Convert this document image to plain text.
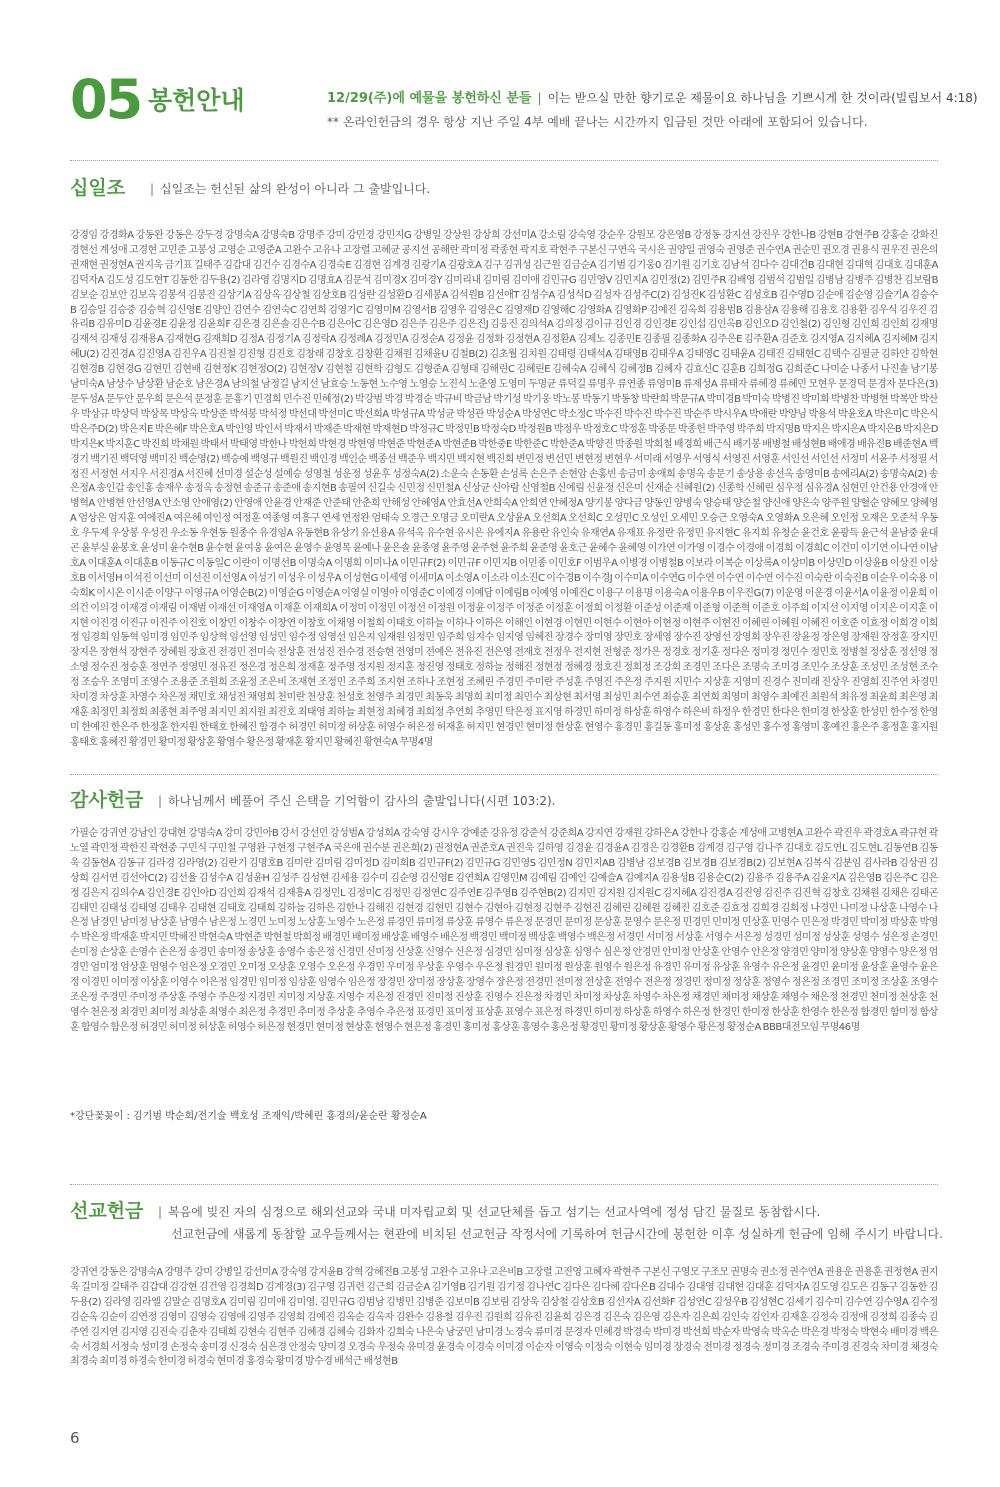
05 봉헌안내	12/29(주)에 예물을 봉헌하신 분들 | 이는 받으실 만한 향기로운 제물이요 하나님을 기쁘시게 한 것이라(빌립보서 4:18)
** 온라인헌금의 경우 항상 지난 주일 4부 예배 끝나는 시간까지 입금된 것만 아래에 포함되어 있습니다.
십일조 | 십일조는 헌신된 삶의 완성이 아니라 그 출발입니다.
강경임 강경화A 강동완 강동은 강두경 강명숙A 강명숙B 강명주 강미 강민경 강민지G 강병일 강상원 강상희 강선미A 강소림 강숙영 강순우 강원모 강은영B 강정동 강지선 강진우 강한나B 강현B 강현주B 강홍순 강화진 경현선 계성애 고경현 고민준 고봉성 고영순 고영준A 고완수 고유나 고장렬 고혜균 공지선 공해란 곽미정 곽종현 곽지호 곽현주 구본신 구연옥 국시은 권양일 권영숙 권영준 권수연A 권순민 권오경 권용식 권우진 권은의 권재현 권정현A 권지욱 금기표 길태주 김갑대 김건수 김경수A 김경숙E 김경현 김계경 김광기A 김광호A 김구 김귀성 김근원 김금순A 김기범 김기웅0 김기원 김기호 김남석 김다수 김대건B 김대현 김대혁 김대호 김대훈A 김덕자A 김도성 김도현T 김동한 김두용(2) 김라영 김명지D 김명효A 김문석 김미경X 김미경Y 김미리내 김미림 김미애 김민규G 김민영V 김민지A 김민정(2) 김민주R 김배영 김범석 김범일 김병남 김병주 김병찬 김보람B 김보순 김보안 김보옥 김봉석 김봉진 김상기A 김상옥 김상철 김상호B 김성란 김성환D 김세봉A 김석원B 김선애T 김성수A 김성식D 김성자 김성주C(2) 김성진K 김성환C 김성호B 김수영D 김순애 김순영 김슬기A 김승수B 김승일 김승중 김승혁 김신영E 김양인 김연수 김연숙C 김연희 김영기C 김영미M 김영서B 김영우 김영은C 김영재D 김영해C 김영화A 김영화P 김예진 김옥희 김용범B 김용삼A 김용해 김용호 김용환 김우식 김우진 김유리B 김유미D 김윤경E 김윤정 김윤희F 김은경 김은솔 김은수B 김은아C 김은영D 김은주 김은주 김은진J 김응진 김의석A 김의정 김이규 김인경 김인경E 김인섭 김인옥B 김인오D 김인철(2) 김인형 김인희 김인희 김재명 김재석 김재성 김재용A 김재현G 김재희D 김정A 김정기A 김정락A 김정례A 김정민A 김정순A 김정윤 김정화 김정현A 김정환A 김제노 김종민E 김종필 김종화A 김주은E 김주환A 김준호 김지영A 김지혜A 김지혜M 김지혜U(2) 김진경A 김진영A 김진우A 김진철 김진형 김진호 김창래 김창호 김창환 김채원 김채윤U 김철B(2) 김초월 김치원 김태령 김태석A 김태영B 김태우A 김태영C 김태윤A 김태진 김태현C 김택수 김필균 김하얀 김학현 김현경B 김현경G 김현민 김현배 김현정K 김현정O(2) 김현정V 김현철 김현학 김형도 김형준A 김형태 김해린C 김혜린E 김혜숙A 김혜식 김혜정B 김혜자 김효신C 김훈B 김희정G 김희준C 나미순 나종서 나진솔 남기봉 남미숙A 남상수 남상환 남순호 남은경A 남의철 남정길 남지선 남효승 노동현 노수영 노영승 노진식 노춘영 도영미 두명균 류덕길 류명우 류연종 류영미B 류제성A 류태자 류혜경 류혜민 모현우 문경덕 문경자 문다은(3) 문두성A 문두안 문우희 문은석 문정훈 문홍기 민경희 민수진 민혜정(2) 박강범 박경 박경순 박규비 박금남 박기성 박기웅 박노봉 박동기 박동창 박란희 박문규A 박미경B 박미숙 박병진 박미희 박병찬 박병현 박복만 박산우 박상규 박상덕 박상목 박상옥 박상준 박석봉 박석정 박선대 박선미C 박선희A 박성규A 박성균 박성관 박성순A 박성연C 박소정C 박수진 박수진 박수진 박순주 박시우A 박애란 박양님 박용석 박윤호A 박은미C 박은식 박은주D(2) 박은지E 박은혜F 박은호A 박인영 박인서 박재서 박재준 박재현 박재현D 박정규C 박정민B 박정숙D 박정원B 박정우 박정호C 박정훈 박종문 박종헌 박주영 박주희 박지명B 박지은 박지은A 박지은B 박지은D 박지은K 박지훈C 박진희 박채원 박태서 박태영 박한나 박헌희 박현경 박현영 박현준 박현준A 박현준B 박한중E 박한준C 박한준A 박향진 박종원 박희철 배경희 배근식 배기봉 배병철 배성현B 배애경 배유진B 배준현A 백경기 백기진 백덕영 백미진 백순영(2) 백승예 백영규 백원진 백인경 백인순 백종선 백준우 백지민 백지현 백진희 변민정 변선민 변현정 변현우 서미래 서영우 서영식 서영진 서영훈 서인선 서인선 서정미 서윤주 서정필 서정진 서정현 서지우 서진경A 서진혜 선미경 설순성 설예승 성영철 성운정 성윤후 성정숙A(2) 소운숙 손동환 손성록 손은주 손현암 손홍빈 송금미 송애희 송명옥 송문기 송상용 송선옥 송영미B 송에리A(2) 송명숙A(2) 송은정A 송인갑 송인홍 송재우 송정옥 송정현 송준규 송준애 송지현B 송필여 신길숙 신민정 신민철A 신상균 신아람 신영철B 신예림 신윤정 신은미 신재순 신혜원(2) 신종학 신혜린 심우정 심유경A 심현민 안건용 안경애 안병혁A 안병현 안선영A 안소영 안애영(2) 안영애 안윤경 안재준 안준태 안춘희 안해성 안혜영A 안효선A 안희숙A 안희연 안혜정A 양기봉 양다금 양동인 양병숙 양승태 양순철 양신애 양은숙 양주원 양혈순 양혜모 양혜영A 엄상은 엄지훈 여에진A 여은혜 여인정 여정훈 여종영 여흥구 연세 연정완 엄태숙 오경근 오명금 오미란A 오상윤A 오선희A 오선희C 오성민C 오성인 오세민 오승근 오영숙A 오영화A 오은혜 오인정 오재은 오준석 우동호 우두제 우상봉 우성진 우소동 우현동 원종수 유경임A 유동현B 유상기 유선용A 유석옥 유수현 유시은 유에지A 유용란 유인숙 유재연A 유재표 유정란 유정민 유지현C 유지희 유청순 윤건호 윤광득 윤근석 윤남중 윤대곤 윤부실 윤봉호 윤성미 윤수현B 윤수현 윤여웅 윤여은 윤영수 윤영목 윤예나 윤은솔 윤종영 윤주영 윤주현 윤주희 윤준영 윤호근 윤혜수 윤혜영 이가연 이가영 이경수 이경애 이경희 이경희C 이건미 이기연 이나연 이남호A 이대훈A 이대훈B 이동규C 이동일C 이란이 이명선B 이명숙A 이명희 이미나A 이민규F(2) 이민규F 이민지B 이민종 이민호F 이범우A 이병경 이병철B 이보라 이복순 이상록A 이상미B 이상민D 이상윤B 이상진 이상호B 이서영H 이석진 이선미 이선진 이선영A 이성기 이성우 이성우A 이성현G 이세영 이세미A 이소영A 이소라 이소진C 이수경B 이수경J 이수미A 이수연G 이수연 이수연 이수연 이수진 이숙란 이숙진B 이순우 이숙용 이숙희K 이시온 이시준 이양구 이영규A 이영순B(2) 이영순G 이영순A 이영실 이영아 이영준C 이예경 이예담 이예림B 이예영 이예진C 이용구 이용명 이용숙A 이용우B 이우진G(7) 이운영 이운경 이윤서A 이윤정 이윤희 이의건 이의경 이재경 이재림 이재범 이재선 이재영A 이재훈 이재희A 이정미 이정민 이정선 이정원 이정윤 이정주 이정준 이정훈 이정희 이정환 이준성 이준재 이준형 이준혁 이준호 이주희 이지선 이지영 이지은 이지훈 이지현 이진경 이진규 이진주 이진호 이창민 이창수 이창연 이창호 이채영 이철희 이태호 이하늘 이하나 이하은 이해인 이현경 이현민 이현수 이현아 이현정 이현주 이현진 이혜린 이혜원 이혜진 이호준 이효정 이희경 이희정 임경희 임동혁 임미경 임민주 임상혁 임선영 임성민 임수정 임영선 임은지 임재원 임정민 임주희 임지수 임지영 임혜진 장경수 장미영 장민호 장세영 장수진 장영선 장영희 장우진 장윤정 장은영 장재원 장정훈 장지민 장지은 장현석 장현주 장혜원 장효진 전경민 전미숙 전상훈 전성진 전수경 전승현 전영미 전예은 전유진 전은영 전재호 전정우 전지현 전형준 정가은 정경호 정기훈 정다은 정미경 정민수 정민호 정병철 정상훈 정선영 정소영 정수진 정승훈 정연주 정영민 정유진 정은경 정은희 정재훈 정주영 정지원 정지훈 정진영 정태호 정하늘 정해진 정현정 정혜경 정호진 정희정 조강희 조경민 조다은 조명숙 조미경 조민수 조상훈 조성민 조성현 조수정 조승우 조영미 조영수 조용준 조원희 조윤정 조은비 조재현 조정민 조주희 조지현 조하나 조현정 조혜린 주경민 주미란 주성훈 주영진 주은정 주지원 지민수 지상훈 지영미 진경수 진미래 진상우 진영희 진주연 차경민 차미경 차상훈 차영수 차은정 채민호 채성진 채영희 천미란 천상훈 천성호 천영주 최경민 최동욱 최명희 최미정 최민수 최상현 최서영 최성민 최수연 최승훈 최연희 최영미 최영수 최예진 최원석 최유정 최윤희 최은영 최재훈 최정민 최정희 최종현 최주영 최지민 최지원 최진호 최태영 최하늘 최현정 최혜경 최희정 추연희 추영민 탁은정 표지영 하경민 하미정 하상훈 하영수 하은비 하정우 한경민 한다은 한미경 한상훈 한성민 한수정 한영미 한예진 한은주 한정훈 한지원 한태호 한혜진 함경수 허경민 허미정 허상훈 허영수 허은정 허재훈 허지민 현경민 현미정 현상훈 현영수 홍경민 홍길동 홍미정 홍상훈 홍성민 홍수정 홍영미 홍예진 홍은주 홍정훈 홍지원 홍태호 홍혜진 황경민 황미정 황상훈 황영수 황은정 황재훈 황지민 황혜진 황현숙A 무명4명
감사헌금 | 하나님께서 베풀어 주신 은택을 기억함이 감사의 출발입니다(시편 103:2).
가필순 강귀연 강남인 강대현 강명숙A 강미 강민아B 강서 강선민 강성범A 강성희A 강숙영 강시우 강예준 강유정 강준석 강준희A 강지연 강재원 강하은A 강한나 강홍순 계성애 고병현A 고완수 곽진우 곽경호A 곽규현 곽노열 곽민정 곽한진 곽현중 구민식 구민철 구영완 구현정 구현주A 국은애 권수분 권은희(2) 권정현A 권준호A 권진욱 길하영 김경윤 김경윤A 김경은 김경환B 김계경 김구영 김나주 김대호 김도연L 김도현L 김동연B 김동욱 김동현A 김동규 김라경 김라영(2) 김란기 김명호B 김미란 김미림 김미정D 김미희B 김민규F(2) 김민규G 김민영S 김민정N 김민지AB 김병남 김보경B 김보경B 김보경B(2) 김보현A 김복식 김분임 김사라B 김상권 김상희 김서연 김선아C(2) 김선율 김성수A 김성윤H 김성주 김성현 김세용 김수미 김순영 김신영E 김연희A 김영민M 김예림 김예인 김예슬A 김예지A 김용성B 김용순C(2) 김용주 김용주A 김윤지A 김은영B 김은주C 김은정 김은지 김의수A 김인경E 김인아D 김인희 김재석 김재흥A 김정민L 김정미C 김정민 김정연C 김주연E 김주영B 김주현B(2) 김지민 김지원 김지원C 김지혜A 김진경A 김진영 김진주 김진혁 김창호 김채원 김채은 김태곤 김태민 김태성 김태영 김태우 김태현 김태호 김태희 김하늘 김하은 김한나 김해진 김현경 김현민 김현수 김현아 김현정 김현주 김현진 김혜린 김혜원 김혜진 김호준 김효정 김희경 김희정 나경민 나미정 나상훈 나영수 나은정 남경민 남미정 남상훈 남영수 남은정 노경민 노미정 노상훈 노영수 노은정 류경민 류미정 류상훈 류영수 류은정 문경민 문미정 문상훈 문영수 문은정 민경민 민미정 민상훈 민영수 민은정 박경민 박미정 박상훈 박영수 박은정 박재훈 박지민 박혜진 박현숙A 박현준 박현철 박희정 배경민 배미정 배상훈 배영수 배은정 백경민 백미정 백상훈 백영수 백은정 서경민 서미정 서상훈 서영수 서은정 성경민 성미정 성상훈 성영수 성은정 손경민 손미정 손상훈 손영수 손은정 송경민 송미정 송상훈 송영수 송은정 신경민 신미정 신상훈 신영수 신은정 심경민 심미정 심상훈 심영수 심은정 안경민 안미정 안상훈 안영수 안은정 양경민 양미정 양상훈 양영수 양은정 엄경민 엄미정 엄상훈 엄영수 엄은정 오경민 오미정 오상훈 오영수 오은정 우경민 우미정 우상훈 우영수 우은정 원경민 원미정 원상훈 원영수 원은정 유경민 유미정 유상훈 유영수 유은정 윤경민 윤미정 윤상훈 윤영수 윤은정 이경민 이미정 이상훈 이영수 이은정 임경민 임미정 임상훈 임영수 임은정 장경민 장미정 장상훈 장영수 장은정 전경민 전미정 전상훈 전영수 전은정 정경민 정미정 정상훈 정영수 정은정 조경민 조미정 조상훈 조영수 조은정 주경민 주미정 주상훈 주영수 주은정 지경민 지미정 지상훈 지영수 지은정 진경민 진미정 진상훈 진영수 진은정 차경민 차미정 차상훈 차영수 차은정 채경민 채미정 채상훈 채영수 채은정 천경민 천미정 천상훈 천영수 천은정 최경민 최미정 최상훈 최영수 최은정 추경민 추미정 추상훈 추영수 추은정 표경민 표미정 표상훈 표영수 표은정 하경민 하미정 하상훈 하영수 하은정 한경민 한미정 한상훈 한영수 한은정 함경민 함미정 함상훈 함영수 함은정 허경민 허미정 허상훈 허영수 허은정 현경민 현미정 현상훈 현영수 현은정 홍경민 홍미정 홍상훈 홍영수 홍은정 황경민 황미정 황상훈 황영수 황은정 황정순A BBB대전모임 무명46명
*강단꽃꽂이 : 김기범 박순희/전기술 백호성 조재익/박혜린 홍경의/윤순란 황정순A
선교헌금 | 복음에 빚진 자의 심정으로 해외선교와 국내 미자립교회 및 선교단체를 돕고 섬기는 선교사역에 정성 담긴 물질로 동참합시다.
선교헌금에 새롭게 동참할 교우들께서는 현관에 비치된 선교헌금 작정서에 기록하여 헌금시간에 봉헌한 이후 성실하게 헌금에 임해 주시기 바랍니다.
강귀연 강동은 강명숙A 강명주 강미 강병일 강선미A 강숙영 강지윤B 강혁 강혜진B 고봉성 고완수 고유나 고은비B 고장렬 고진영 고혜자 곽현주 구본신 구영모 구조모 권명숙 권소정 권수연A 권용운 권용훈 권정현A 권지욱 길미정 길태주 김갑대 김강현 김건영 김경희D 김계경(3) 김구영 김귀련 김근희 김금순A 김기영B 김기원 김기정 김나연C 김다은 김다혜 김다은B 김대수 김대영 김대현 김대훈 김덕자A 김도영 김도은 김동구 김동한 김두용(2) 김라영 김라엘 김말순 김명호A 김미림 김미애 김미영. 김민규G 김범남 김병민 김병준 김보미B 김보림 김상욱 김상철 김상호B 김선자A 김선화F 김성연C 김성우B 김성현C 김세기 김수미 김수연 김수영A 김수정 김순옥 김순이 김연정 김영미 김영숙 김영애 김영주 김영희 김예진 김옥순 김옥자 김완수 김용철 김우진 김원희 김유진 김윤희 김은경 김은숙 김은영 김은자 김은희 김인숙 김인자 김재훈 김정숙 김정애 김정희 김종숙 김주연 김지연 김지영 김진숙 김춘자 김태희 김현숙 김현주 김혜경 김혜숙 김화자 김희숙 나은숙 남궁민 남미경 노경숙 류미경 문경자 민혜경 박경숙 박미경 박선희 박순자 박영숙 박옥순 박은경 박정숙 박현숙 배미경 백은숙 서경희 서정숙 성미경 손정숙 송미경 신경숙 심은경 안정숙 양미경 오경숙 우정숙 유미경 윤경숙 이경숙 이미경 이순자 이영숙 이정숙 이현숙 임미경 장경숙 전미경 정경숙 정미경 조경숙 주미경 진경숙 차미경 채경숙 최경숙 최미경 하경숙 한미경 허경숙 현미경 홍경숙 황미경 방수경 배석근 배성현B
6
